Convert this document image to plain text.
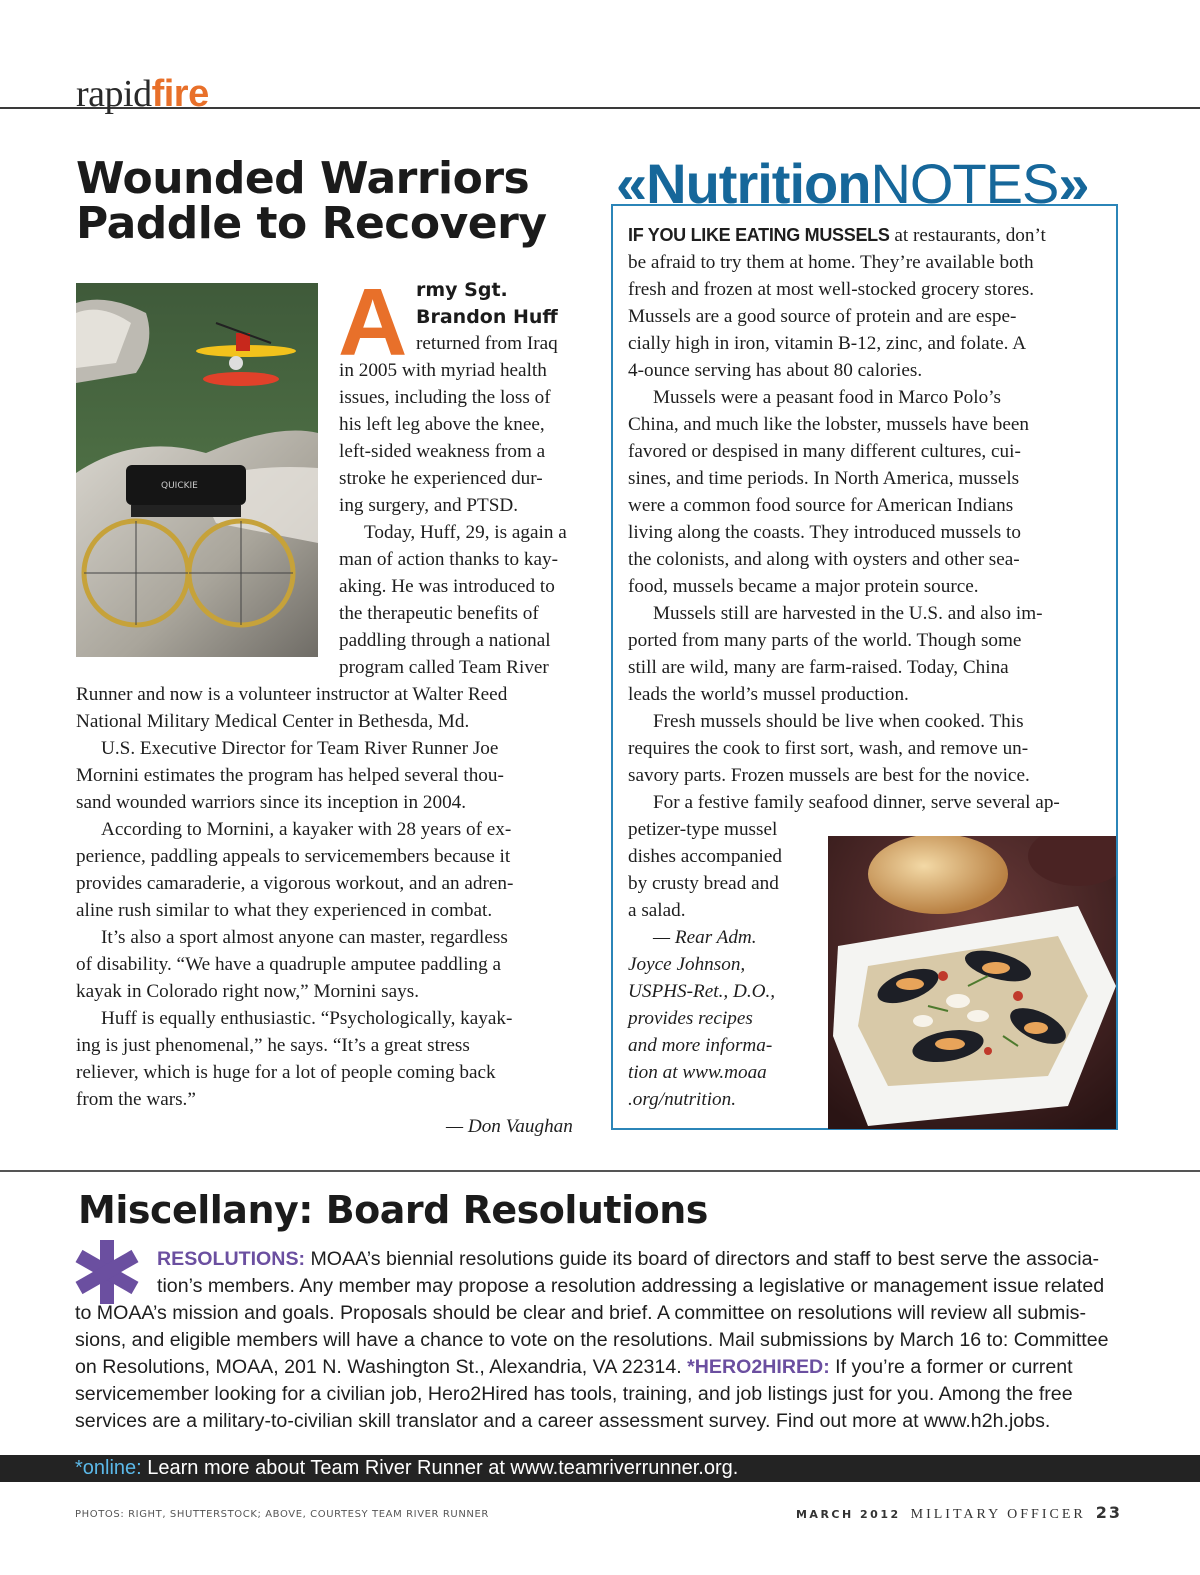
rapidfire
Wounded Warriors
Paddle to Recovery
QUICKIE
A rmy Sgt.
Brandon Huff
returned from Iraq
in 2005 with myriad health
issues, including the loss of
his left leg above the knee,
left-sided weakness from a
stroke he experienced dur-
ing surgery, and PTSD.
Today, Huff, 29, is again a
man of action thanks to kay-
aking. He was introduced to
the therapeutic benefits of
paddling through a national
program called Team River
Runner and now is a volunteer instructor at Walter Reed
National Military Medical Center in Bethesda, Md.
U.S. Executive Director for Team River Runner Joe
Mornini estimates the program has helped several thou-
sand wounded warriors since its inception in 2004.
According to Mornini, a kayaker with 28 years of ex-
perience, paddling appeals to servicemembers because it
provides camaraderie, a vigorous workout, and an adren-
aline rush similar to what they experienced in combat.
It’s also a sport almost anyone can master, regardless
of disability. “We have a quadruple amputee paddling a
kayak in Colorado right now,” Mornini says.
Huff is equally enthusiastic. “Psychologically, kayak-
ing is just phenomenal,” he says. “It’s a great stress
reliever, which is huge for a lot of people coming back
from the wars.”
— Don Vaughan
«NutritionNOTES»
IF YOU LIKE EATING MUSSELS at restaurants, don’t
be afraid to try them at home. They’re available both
fresh and frozen at most well-stocked grocery stores.
Mussels are a good source of protein and are espe-
cially high in iron, vitamin B-12, zinc, and folate. A
4-ounce serving has about 80 calories.
Mussels were a peasant food in Marco Polo’s
China, and much like the lobster, mussels have been
favored or despised in many different cultures, cui-
sines, and time periods. In North America, mussels
were a common food source for American Indians
living along the coasts. They introduced mussels to
the colonists, and along with oysters and other sea-
food, mussels became a major protein source.
Mussels still are harvested in the U.S. and also im-
ported from many parts of the world. Though some
still are wild, many are farm-raised. Today, China
leads the world’s mussel production.
Fresh mussels should be live when cooked. This
requires the cook to first sort, wash, and remove un-
savory parts. Frozen mussels are best for the novice.
For a festive family seafood dinner, serve several ap-
petizer-type mussel
dishes accompanied
by crusty bread and
a salad.
— Rear Adm.
Joyce Johnson,
USPHS-Ret., D.O.,
provides recipes
and more informa-
tion at www.moaa
.org/nutrition.
Miscellany: Board Resolutions
RESOLUTIONS: MOAA’s biennial resolutions guide its board of directors and staff to best serve the associa-
tion’s members. Any member may propose a resolution addressing a legislative or management issue related
to MOAA’s mission and goals. Proposals should be clear and brief. A committee on resolutions will review all submis-
sions, and eligible members will have a chance to vote on the resolutions. Mail submissions by March 16 to: Committee
on Resolutions, MOAA, 201 N. Washington St., Alexandria, VA 22314. *HERO2HIRED: If you’re a former or current
servicemember looking for a civilian job, Hero2Hired has tools, training, and job listings just for you. Among the free
services are a military-to-civilian skill translator and a career assessment survey. Find out more at www.h2h.jobs.
*online: Learn more about Team River Runner at www.teamriverrunner.org.
PHOTOS: RIGHT, SHUTTERSTOCK; ABOVE, COURTESY TEAM RIVER RUNNER	MARCH 2012 MILITARY OFFICER 23
